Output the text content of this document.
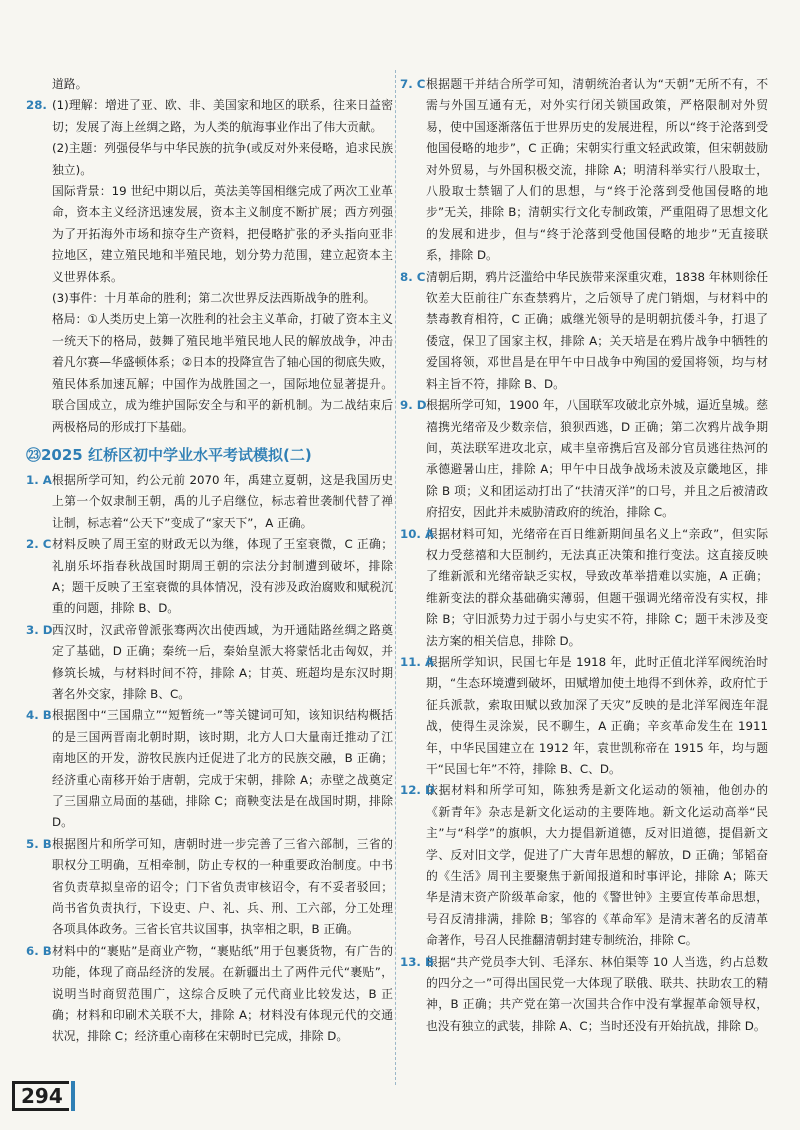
道路。

28. (1)理解：增进了亚、欧、非、美国家和地区的联系，往来日益密切；发展了海上丝绸之路，为人类的航海事业作出了伟大贡献。

(2)主题：列强侵华与中华民族的抗争(或反对外来侵略，追求民族独立)。

国际背景：19 世纪中期以后，英法美等国相继完成了两次工业革命，资本主义经济迅速发展，资本主义制度不断扩展；西方列强为了开拓海外市场和掠夺生产资料，把侵略扩张的矛头指向亚非拉地区，建立殖民地和半殖民地，划分势力范围，建立起资本主义世界体系。

(3)事件：十月革命的胜利；第二次世界反法西斯战争的胜利。

格局：①人类历史上第一次胜利的社会主义革命，打破了资本主义一统天下的格局，鼓舞了殖民地半殖民地人民的解放战争，冲击着凡尔赛—华盛顿体系；②日本的投降宣告了轴心国的彻底失败，殖民体系加速瓦解；中国作为战胜国之一，国际地位显著提升。联合国成立，成为维护国际安全与和平的新机制。为二战结束后两极格局的形成打下基础。

㉓2025 红桥区初中学业水平考试模拟(二)
1. A 根据所学可知，约公元前 2070 年，禹建立夏朝，这是我国历史上第一个奴隶制王朝，禹的儿子启继位，标志着世袭制代替了禅让制，标志着“公天下”变成了“家天下”，A 正确。
2. C 材料反映了周王室的财政无以为继，体现了王室衰微，C 正确；礼崩乐坏指春秋战国时期周王朝的宗法分封制遭到破坏，排除 A；题干反映了王室衰微的具体情况，没有涉及政治腐败和赋税沉重的问题，排除 B、D。
3. D 西汉时，汉武帝曾派张骞两次出使西域，为开通陆路丝绸之路奠定了基础，D 正确；秦统一后，秦始皇派大将蒙恬北击匈奴，并修筑长城，与材料时间不符，排除 A；甘英、班超均是东汉时期著名外交家，排除 B、C。
4. B 根据图中“三国鼎立”“短暂统一”等关键词可知，该知识结构概括的是三国两晋南北朝时期，该时期，北方人口大量南迁推动了江南地区的开发，游牧民族内迁促进了北方的民族交融，B 正确；经济重心南移开始于唐朝，完成于宋朝，排除 A；赤壁之战奠定了三国鼎立局面的基础，排除 C；商鞅变法是在战国时期，排除 D。
5. B 根据图片和所学可知，唐朝时进一步完善了三省六部制，三省的职权分工明确，互相牵制，防止专权的一种重要政治制度。中书省负责草拟皇帝的诏令；门下省负责审核诏令，有不妥者驳回；尚书省负责执行，下设吏、户、礼、兵、刑、工六部，分工处理各项具体政务。三省长官共议国事，执宰相之职，B 正确。
6. B 材料中的“裹贴”是商业产物，“裹贴纸”用于包裹货物，有广告的功能，体现了商品经济的发展。在新疆出土了两件元代“裹贴”，说明当时商贸范围广，这综合反映了元代商业比较发达，B 正确；材料和印刷术关联不大，排除 A；材料没有体现元代的交通状况，排除 C；经济重心南移在宋朝时已完成，排除 D。
7. C 根据题干并结合所学可知，清朝统治者认为“天朝”无所不有，不需与外国互通有无，对外实行闭关锁国政策，严格限制对外贸易，使中国逐渐落伍于世界历史的发展进程，所以“终于沦落到受他国侵略的地步”，C 正确；宋朝实行重文轻武政策，但宋朝鼓励对外贸易，与外国积极交流，排除 A；明清科举实行八股取士，八股取士禁锢了人们的思想，与“终于沦落到受他国侵略的地步”无关，排除 B；清朝实行文化专制政策，严重阻碍了思想文化的发展和进步，但与“终于沦落到受他国侵略的地步”无直接联系，排除 D。
8. C 清朝后期，鸦片泛滥给中华民族带来深重灾难，1838 年林则徐任钦差大臣前往广东查禁鸦片，之后领导了虎门销烟，与材料中的禁毒教育相符，C 正确；戚继光领导的是明朝抗倭斗争，打退了倭寇，保卫了国家主权，排除 A；关天培是在鸦片战争中牺牲的爱国将领，邓世昌是在甲午中日战争中殉国的爱国将领，均与材料主旨不符，排除 B、D。
9. D 根据所学可知，1900 年，八国联军攻破北京外城，逼近皇城。慈禧携光绪帝及少数亲信，狼狈西逃，D 正确；第二次鸦片战争期间，英法联军进攻北京，咸丰皇帝携后宫及部分官员逃往热河的承德避暑山庄，排除 A；甲午中日战争战场未波及京畿地区，排除 B 项；义和团运动打出了“扶清灭洋”的口号，并且之后被清政府招安，因此并未威胁清政府的统治，排除 C。
10. A
根据材料可知，光绪帝在百日维新期间虽名义上“亲政”，但实际权力受慈禧和大臣制约，无法真正决策和推行变法。这直接反映了维新派和光绪帝缺乏实权，导致改革举措难以实施，A 正确；维新变法的群众基础确实薄弱，但题干强调光绪帝没有实权，排除 B；守旧派势力过于弱小与史实不符，排除 C；题干未涉及变法方案的相关信息，排除 D。
11. A
根据所学知识，民国七年是 1918 年，此时正值北洋军阀统治时期，“生态环境遭到破坏，田赋增加使土地得不到休养，政府忙于征兵派款，索取田赋以致加深了天灾”反映的是北洋军阀连年混战，使得生灵涂炭，民不聊生，A 正确；辛亥革命发生在 1911 年，中华民国建立在 1912 年，袁世凯称帝在 1915 年，均与题干“民国七年”不符，排除 B、C、D。
12. D
依据材料和所学可知，陈独秀是新文化运动的领袖，他创办的《新青年》杂志是新文化运动的主要阵地。新文化运动高举“民主”与“科学”的旗帜，大力提倡新道德，反对旧道德，提倡新文学、反对旧文学，促进了广大青年思想的解放，D 正确；邹韬奋的《生活》周刊主要聚焦于新闻报道和时事评论，排除 A；陈天华是清末资产阶级革命家，他的《警世钟》主要宣传革命思想，号召反清排满，排除 B；邹容的《革命军》是清末著名的反清革命著作，号召人民推翻清朝封建专制统治，排除 C。
13. B
根据“共产党员李大钊、毛泽东、林伯渠等 10 人当选，约占总数的四分之一”可得出国民党一大体现了联俄、联共、扶助农工的精神，B 正确；共产党在第一次国共合作中没有掌握革命领导权，也没有独立的武装，排除 A、C；当时还没有开始抗战，排除 D。
294
